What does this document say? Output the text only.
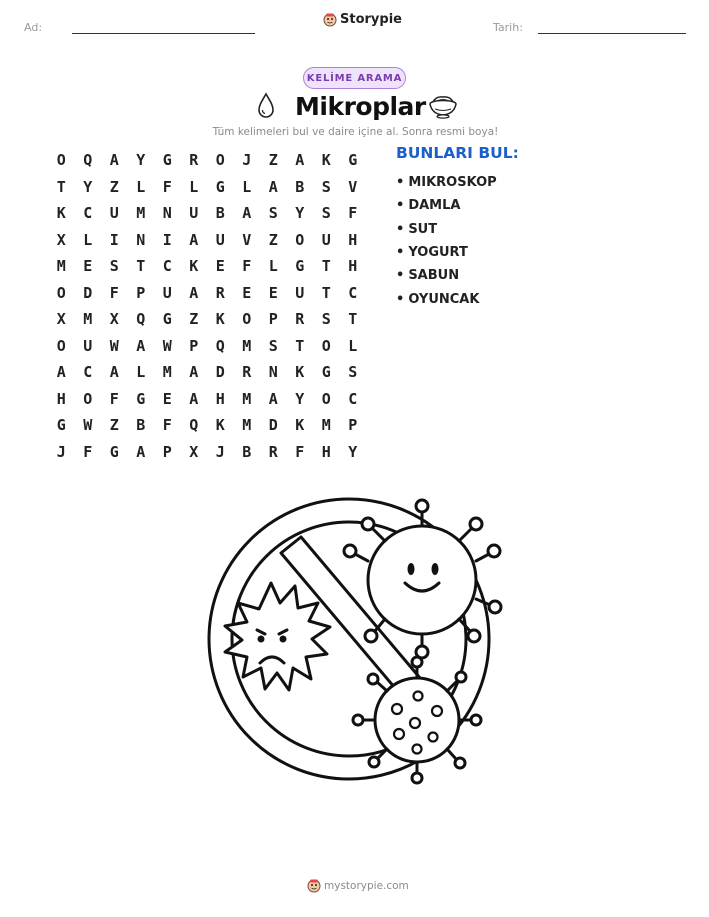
Ad:
Storypie
Tarih:
KELİME ARAMA
Mikroplar
Tüm kelimeleri bul ve daire içine al. Sonra resmi boya!
O	Q	A	Y	G	R	O	J	Z	A	K	G
T	Y	Z	L	F	L	G	L	A	B	S	V
K	C	U	M	N	U	B	A	S	Y	S	F
X	L	I	N	I	A	U	V	Z	O	U	H
M	E	S	T	C	K	E	F	L	G	T	H
O	D	F	P	U	A	R	E	E	U	T	C
X	M	X	Q	G	Z	K	O	P	R	S	T
O	U	W	A	W	P	Q	M	S	T	O	L
A	C	A	L	M	A	D	R	N	K	G	S
H	O	F	G	E	A	H	M	A	Y	O	C
G	W	Z	B	F	Q	K	M	D	K	M	P
J	F	G	A	P	X	J	B	R	F	H	Y
BUNLARI BUL:
• MIKROSKOP
• DAMLA
• SUT
• YOGURT
• SABUN
• OYUNCAK
mystorypie.com
